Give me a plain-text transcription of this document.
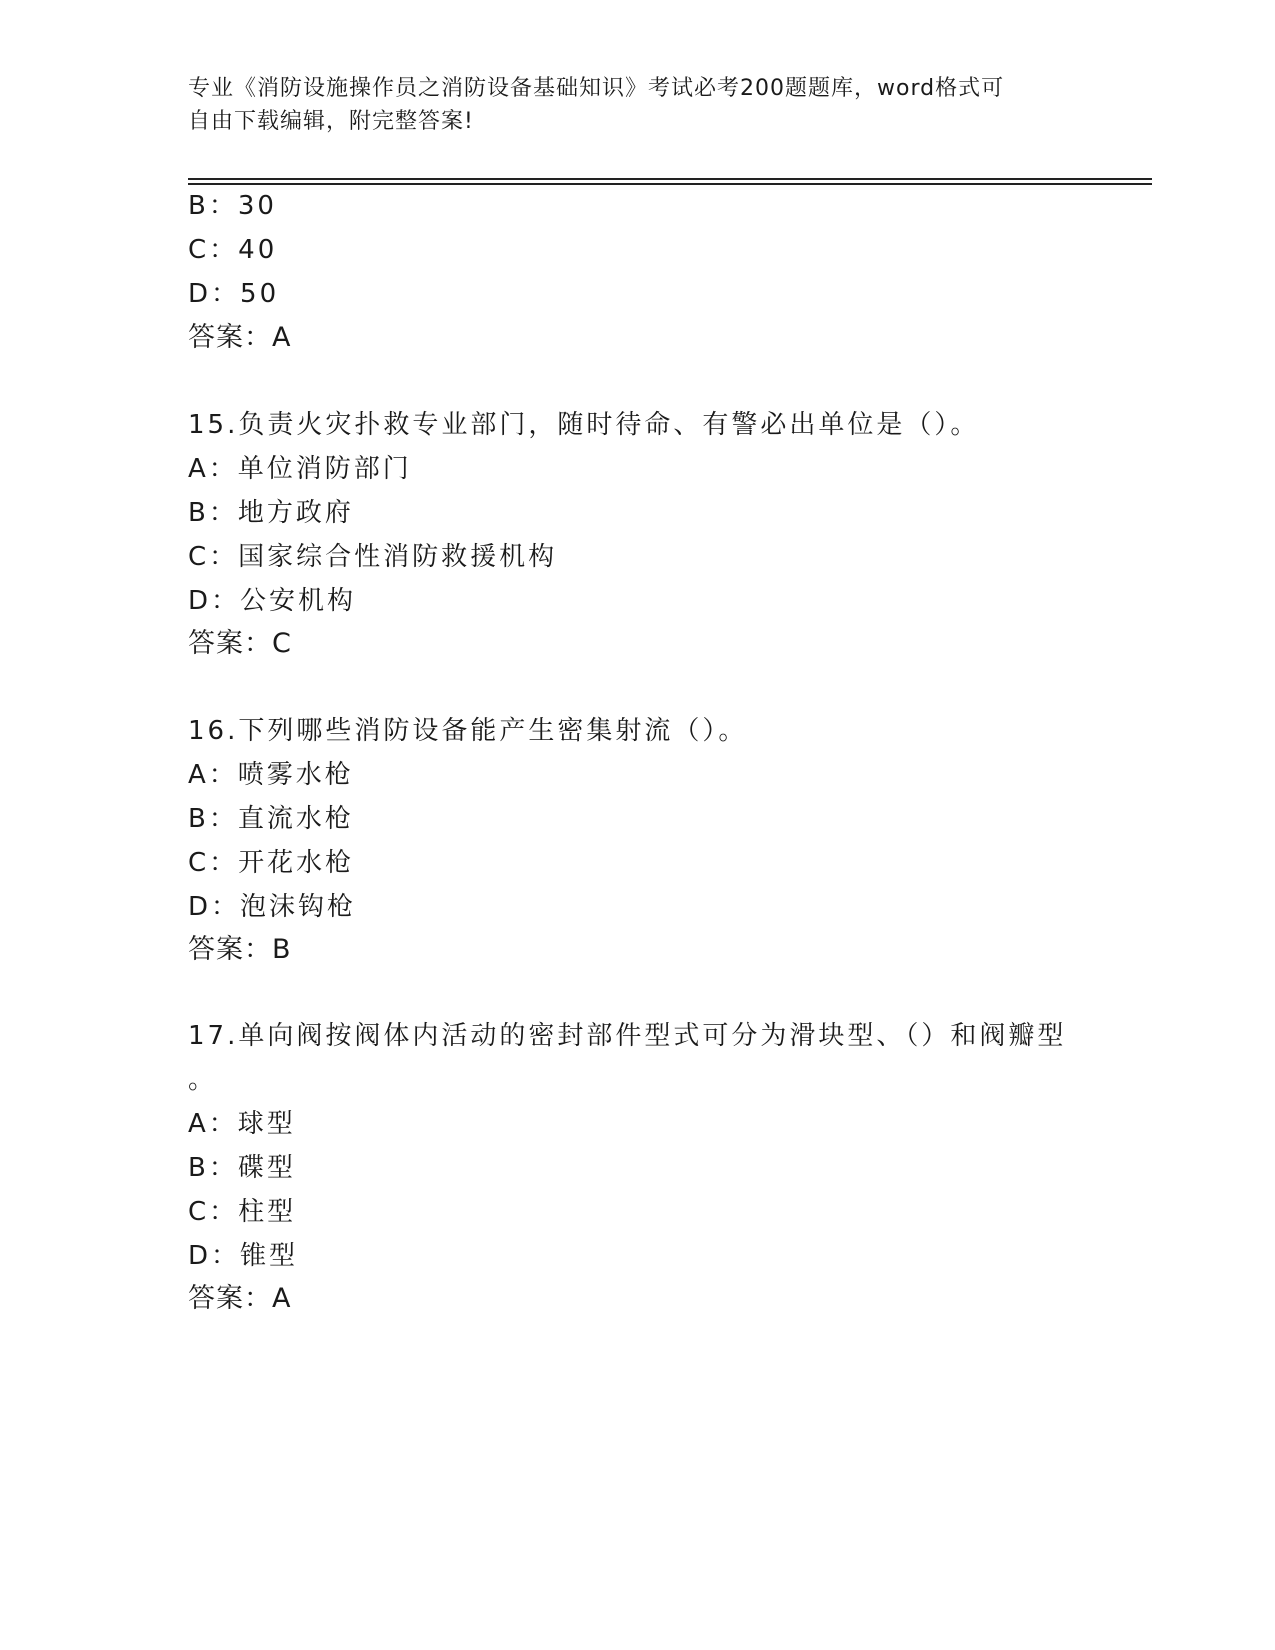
专业《消防设施操作员之消防设备基础知识》考试必考200题题库，word格式可
自由下载编辑，附完整答案!
B：30
C：40
D：50
答案：A
15.负责火灾扑救专业部门，随时待命、有警必出单位是（）。
A：单位消防部门
B：地方政府
C：国家综合性消防救援机构
D：公安机构
答案：C
16.下列哪些消防设备能产生密集射流（）。
A：喷雾水枪
B：直流水枪
C：开花水枪
D：泡沫钩枪
答案：B
17.单向阀按阀体内活动的密封部件型式可分为滑块型、（）和阀瓣型
。
A：球型
B：碟型
C：柱型
D：锥型
答案：A
